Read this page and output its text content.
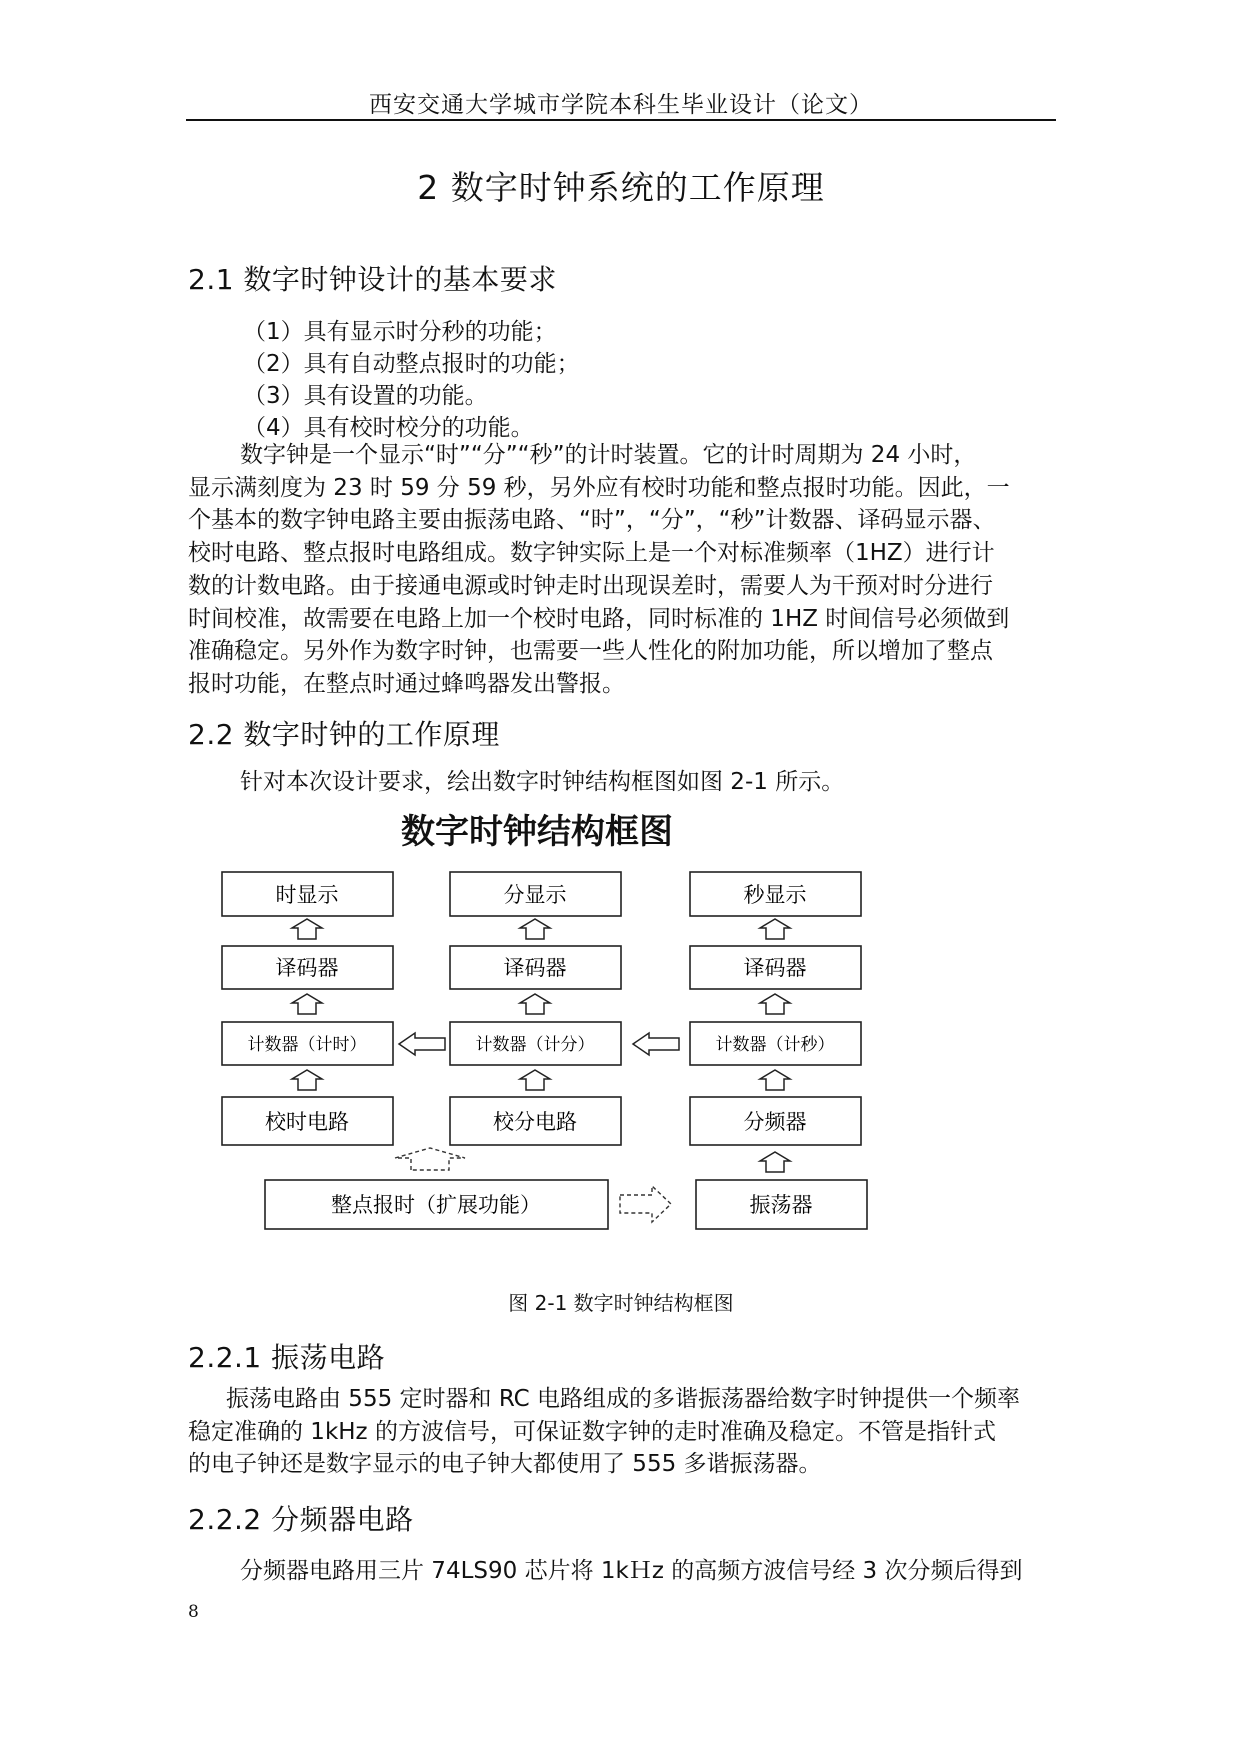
西安交通大学城市学院本科生毕业设计（论文）
2 数字时钟系统的工作原理
2.1 数字时钟设计的基本要求
（1）具有显示时分秒的功能；
（2）具有自动整点报时的功能；
（3）具有设置的功能。
（4）具有校时校分的功能。
数字钟是一个显示“时”“分”“秒”的计时装置。它的计时周期为 24 小时，
显示满刻度为 23 时 59 分 59 秒，另外应有校时功能和整点报时功能。因此，一
个基本的数字钟电路主要由振荡电路、“时”，“分”，“秒”计数器、译码显示器、
校时电路、整点报时电路组成。数字钟实际上是一个对标准频率（1HZ）进行计
数的计数电路。由于接通电源或时钟走时出现误差时，需要人为干预对时分进行
时间校准，故需要在电路上加一个校时电路，同时标准的 1HZ 时间信号必须做到
准确稳定。另外作为数字时钟，也需要一些人性化的附加功能，所以增加了整点
报时功能，在整点时通过蜂鸣器发出警报。
2.2 数字时钟的工作原理
针对本次设计要求，绘出数字时钟结构框图如图 2-1 所示。
数字时钟结构框图
时显示	分显示	秒显示
译码器	译码器	译码器
计数器（计时）	计数器（计分）	计数器（计秒）
校时电路	校分电路	分频器
整点报时（扩展功能）	振荡器
图 2-1 数字时钟结构框图
2.2.1 振荡电路
振荡电路由 555 定时器和 RC 电路组成的多谐振荡器给数字时钟提供一个频率
稳定准确的 1kHz 的方波信号，可保证数字钟的走时准确及稳定。不管是指针式
的电子钟还是数字显示的电子钟大都使用了 555 多谐振荡器。
2.2.2 分频器电路
分频器电路用三片 74LS90 芯片将 1kＨz 的高频方波信号经 3 次分频后得到
8
